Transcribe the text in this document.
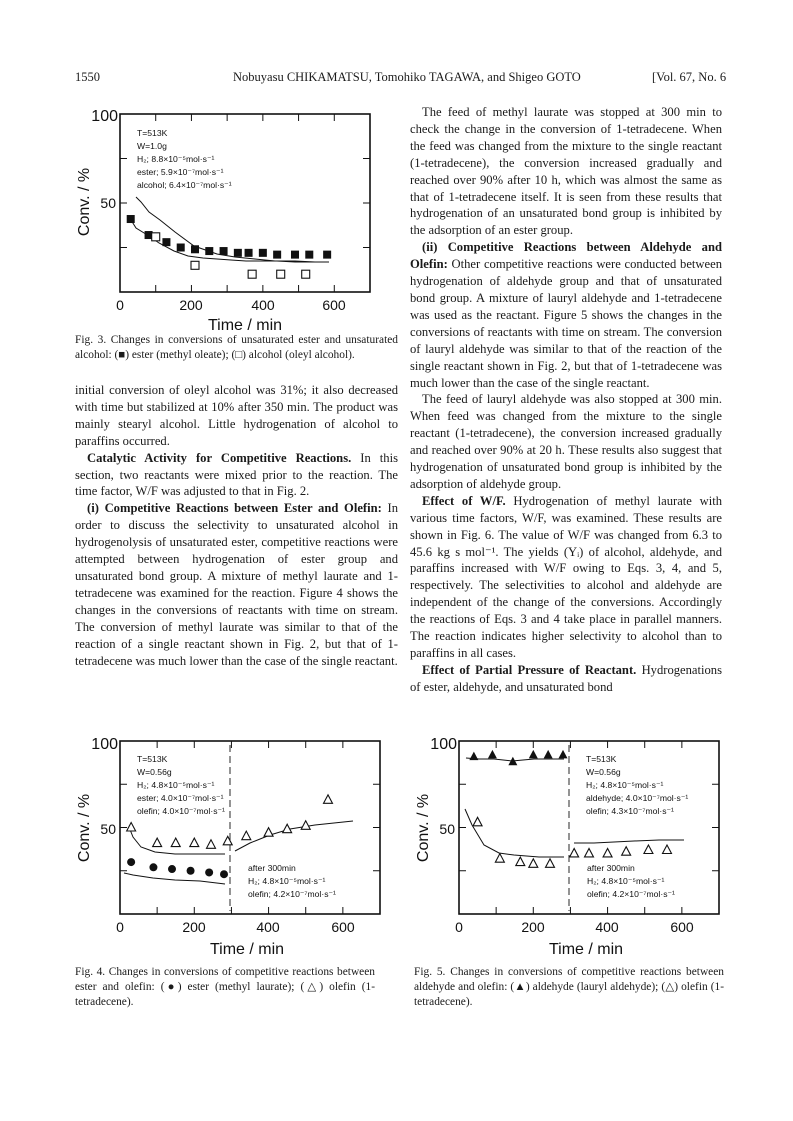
1550	Nobuyasu CHIKAMATSU, Tomohiko TAGAWA, and Shigeo GOTO	[Vol. 67, No. 6
100
50
0	200	400	600
Time / min
Conv. / %
T=513K
W=1.0g
H₂; 8.8×10⁻⁵mol·s⁻¹
ester; 5.9×10⁻⁷mol·s⁻¹
alcohol; 6.4×10⁻⁷mol·s⁻¹
Fig. 3. Changes in conversions of unsaturated ester and unsaturated alcohol: (■) ester (methyl oleate); (□) alcohol (oleyl alcohol).

initial conversion of oleyl alcohol was 31%; it also decreased with time but stabilized at 10% after 350 min. The product was mainly stearyl alcohol. Little hydrogenation of alcohol to paraffins occurred.

Catalytic Activity for Competitive Reactions. In this section, two reactants were mixed prior to the reaction. The time factor, W/F was adjusted to that in Fig. 2.

(i) Competitive Reactions between Ester and Olefin: In order to discuss the selectivity to unsaturated alcohol in hydrogenolysis of unsaturated ester, competitive reactions were attempted between hydrogenation of ester group and unsaturated bond group. A mixture of methyl laurate and 1-tetradecene was examined for the reaction. Figure 4 shows the changes in the conversions of reactants with time on stream. The conversion of methyl laurate was similar to that of the reaction of a single reactant shown in Fig. 2, but that of 1-tetradecene was much lower than the case of the single reactant.

The feed of methyl laurate was stopped at 300 min to check the change in the conversion of 1-tetradecene. When the feed was changed from the mixture to the single reactant (1-tetradecene), the conversion increased gradually and reached over 90% after 10 h, which was almost the same as that of 1-tetradecene itself. It is seen from these results that hydrogenation of an unsaturated bond group is inhibited by the adsorption of an ester group.

(ii) Competitive Reactions between Aldehyde and Olefin: Other competitive reactions were conducted between hydrogenation of aldehyde group and that of unsaturated bond group. A mixture of lauryl aldehyde and 1-tetradecene was used as the reactant. Figure 5 shows the changes in the conversions of reactants with time on stream. The conversion of lauryl aldehyde was similar to that of the reaction of the single reactant shown in Fig. 2, but that of 1-tetradecene was much lower than the case of the single reactant.

The feed of lauryl aldehyde was also stopped at 300 min. When feed was changed from the mixture to the single reactant (1-tetradecene), the conversion increased gradually and reached over 90% at 20 h. These results also suggest that hydrogenation of unsaturated bond group is inhibited by the adsorption of aldehyde group.

Effect of W/F. Hydrogenation of methyl laurate with various time factors, W/F, was examined. These results are shown in Fig. 6. The value of W/F was changed from 6.3 to 45.6 kg s mol⁻¹. The yields (Yᵢ) of alcohol, aldehyde, and paraffins increased with W/F owing to Eqs. 3, 4, and 5, respectively. The selectivities to alcohol and aldehyde are independent of the change of the conversions. Accordingly the reactions of Eqs. 3 and 4 take place in parallel manners. The reaction indicates higher selectivity to alcohol than to paraffins in all cases.

Effect of Partial Pressure of Reactant. Hydrogenations of ester, aldehyde, and unsaturated bond

100
50
0	200	400	600
Time / min
Conv. / %
T=513K
W=0.56g
H₂; 4.8×10⁻⁵mol·s⁻¹
ester; 4.0×10⁻⁷mol·s⁻¹
olefin; 4.0×10⁻⁷mol·s⁻¹
after 300min
H₂; 4.8×10⁻⁵mol·s⁻¹
olefin; 4.2×10⁻⁷mol·s⁻¹
Fig. 4. Changes in conversions of competitive reactions between ester and olefin: (●) ester (methyl laurate); (△) olefin (1-tetradecene).
100
50
0	200	400	600
Time / min
Conv. / %
T=513K
W=0.56g
H₂; 4.8×10⁻⁵mol·s⁻¹
aldehyde; 4.0×10⁻⁷mol·s⁻¹
olefin; 4.3×10⁻⁷mol·s⁻¹
after 300min
H₂; 4.8×10⁻⁵mol·s⁻¹
olefin; 4.2×10⁻⁷mol·s⁻¹
Fig. 5. Changes in conversions of competitive reactions between aldehyde and olefin: (▲) aldehyde (lauryl aldehyde); (△) olefin (1-tetradecene).
